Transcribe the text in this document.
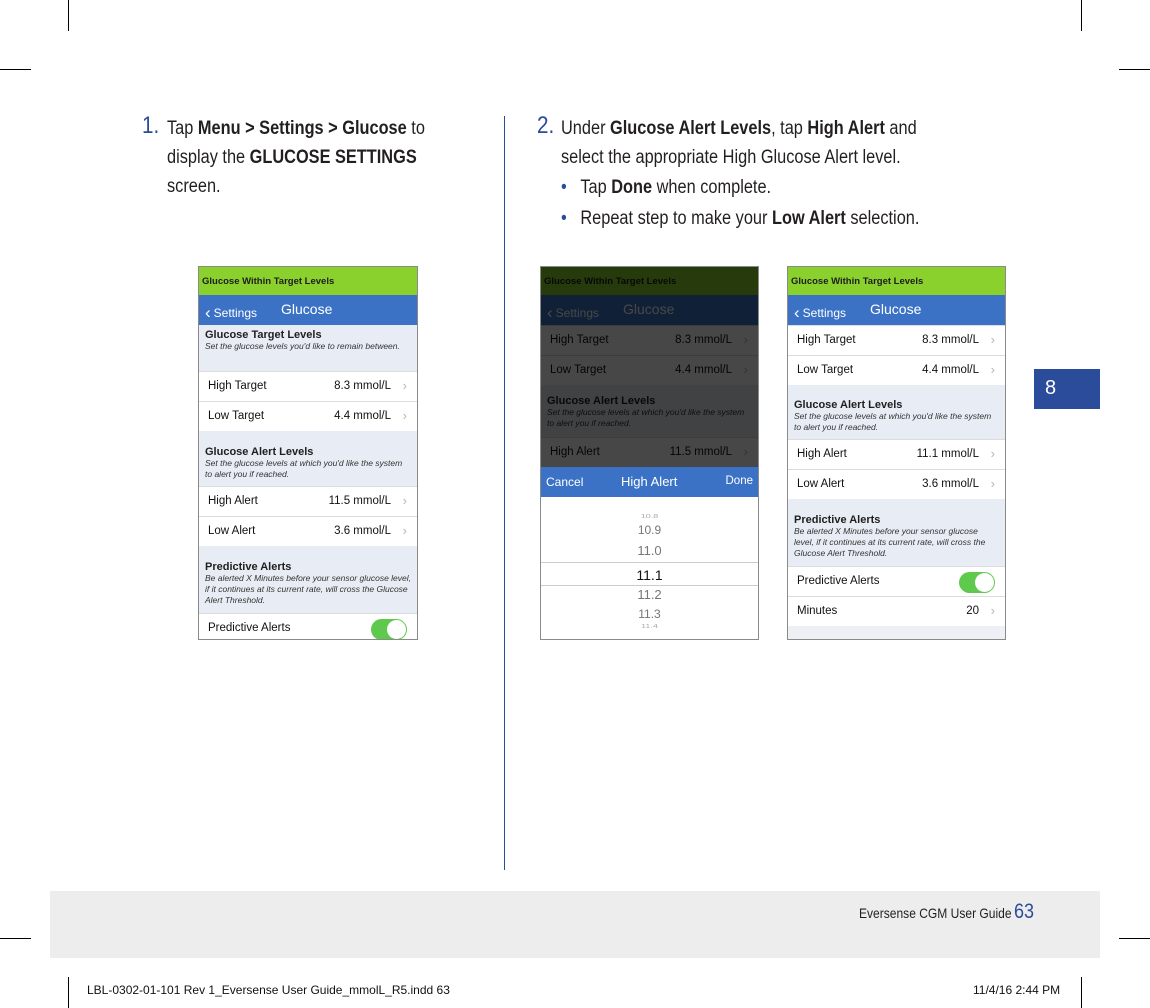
1. Tap Menu > Settings > Glucose to
display the GLUCOSE SETTINGS
screen.
2. Under Glucose Alert Levels, tap High Alert and
select the appropriate High Glucose Alert level.
• Tap Done when complete.
• Repeat step to make your Low Alert selection.
Glucose Within Target Levels
‹ Settings Glucose
Glucose Target Levels
Set the glucose levels you'd like to remain between.
High Target	8.3 mmol/L ›
Low Target	4.4 mmol/L ›
Glucose Alert Levels
Set the glucose levels at which you'd like the system to alert you if reached.
High Alert	11.5 mmol/L ›
Low Alert	3.6 mmol/L ›
Predictive Alerts
Be alerted X Minutes before your sensor glucose level, if it continues at its current rate, will cross the Glucose Alert Threshold.
Predictive Alerts
Cancel	High Alert	Done
10.8
10.9
11.0
11.1
11.2
11.3
11.4
Glucose Within Target Levels
‹ Settings Glucose
High Target	8.3 mmol/L ›
Low Target	4.4 mmol/L ›
Glucose Alert Levels
Set the glucose levels at which you'd like the system to alert you if reached.
High Alert	11.1 mmol/L ›
Low Alert	3.6 mmol/L ›
Predictive Alerts
Be alerted X Minutes before your sensor glucose level, if it continues at its current rate, will cross the Glucose Alert Threshold.
Predictive Alerts
Minutes	20 ›
8
Eversense CGM User Guide 63
LBL-0302-01-101 Rev 1_Eversense User Guide_mmolL_R5.indd 63	11/4/16 2:44 PM
